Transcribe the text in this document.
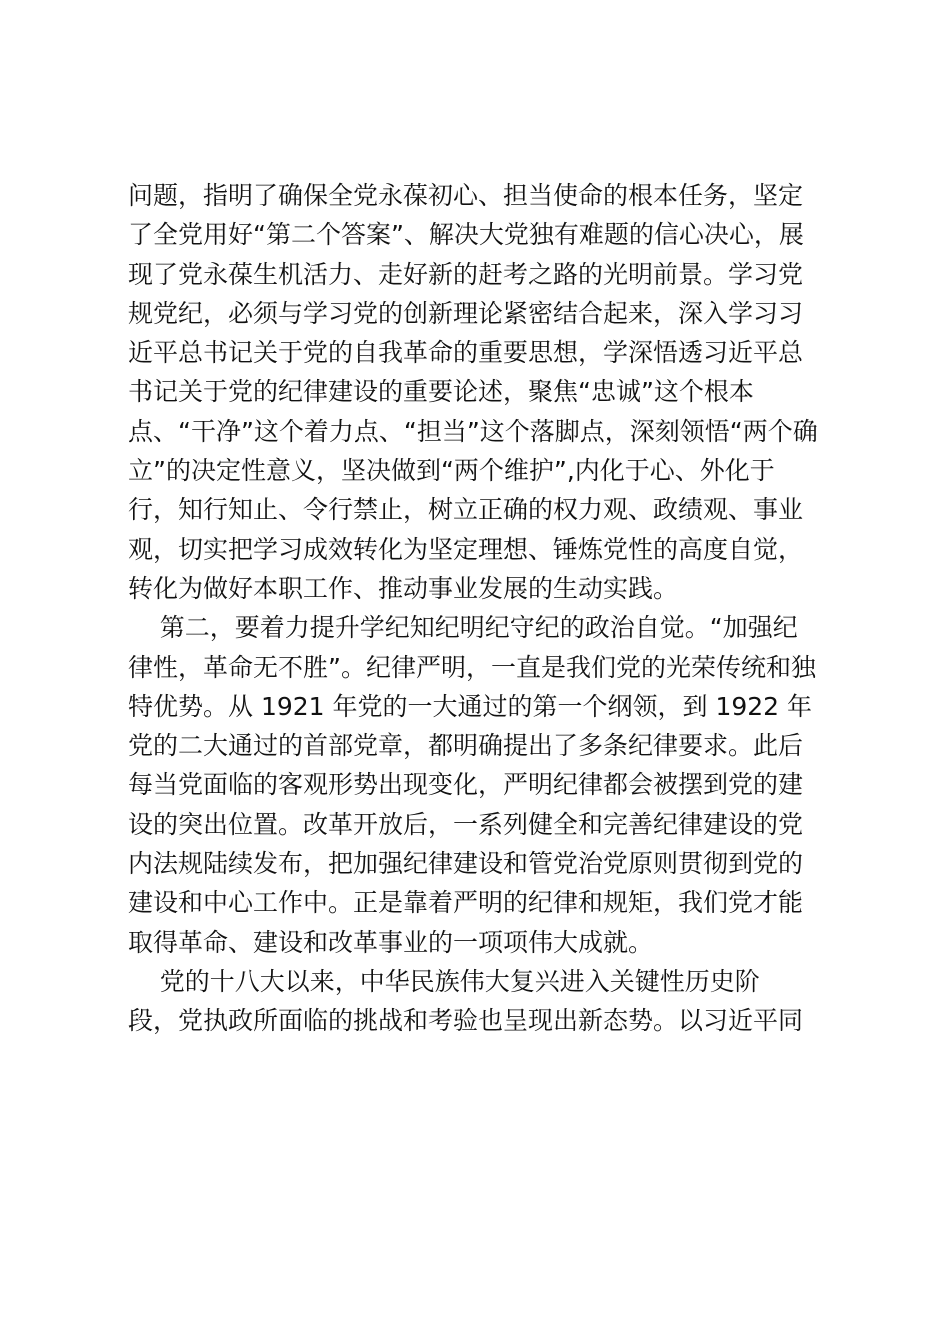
问题，指明了确保全党永葆初心、担当使命的根本任务，坚定
了全党用好“第二个答案”、解决大党独有难题的信心决心，展
现了党永葆生机活力、走好新的赶考之路的光明前景。学习党
规党纪，必须与学习党的创新理论紧密结合起来，深入学习习
近平总书记关于党的自我革命的重要思想，学深悟透习近平总
书记关于党的纪律建设的重要论述，聚焦“忠诚”这个根本
点、“干净”这个着力点、“担当”这个落脚点，深刻领悟“两个确
立”的决定性意义，坚决做到“两个维护”,内化于心、外化于
行，知行知止、令行禁止，树立正确的权力观、政绩观、事业
观，切实把学习成效转化为坚定理想、锤炼党性的高度自觉，
转化为做好本职工作、推动事业发展的生动实践。
第二，要着力提升学纪知纪明纪守纪的政治自觉。“加强纪
律性，革命无不胜”。纪律严明，一直是我们党的光荣传统和独
特优势。从 1921 年党的一大通过的第一个纲领，到 1922 年
党的二大通过的首部党章，都明确提出了多条纪律要求。此后
每当党面临的客观形势出现变化，严明纪律都会被摆到党的建
设的突出位置。改革开放后，一系列健全和完善纪律建设的党
内法规陆续发布，把加强纪律建设和管党治党原则贯彻到党的
建设和中心工作中。正是靠着严明的纪律和规矩，我们党才能
取得革命、建设和改革事业的一项项伟大成就。
党的十八大以来，中华民族伟大复兴进入关键性历史阶
段，党执政所面临的挑战和考验也呈现出新态势。以习近平同
